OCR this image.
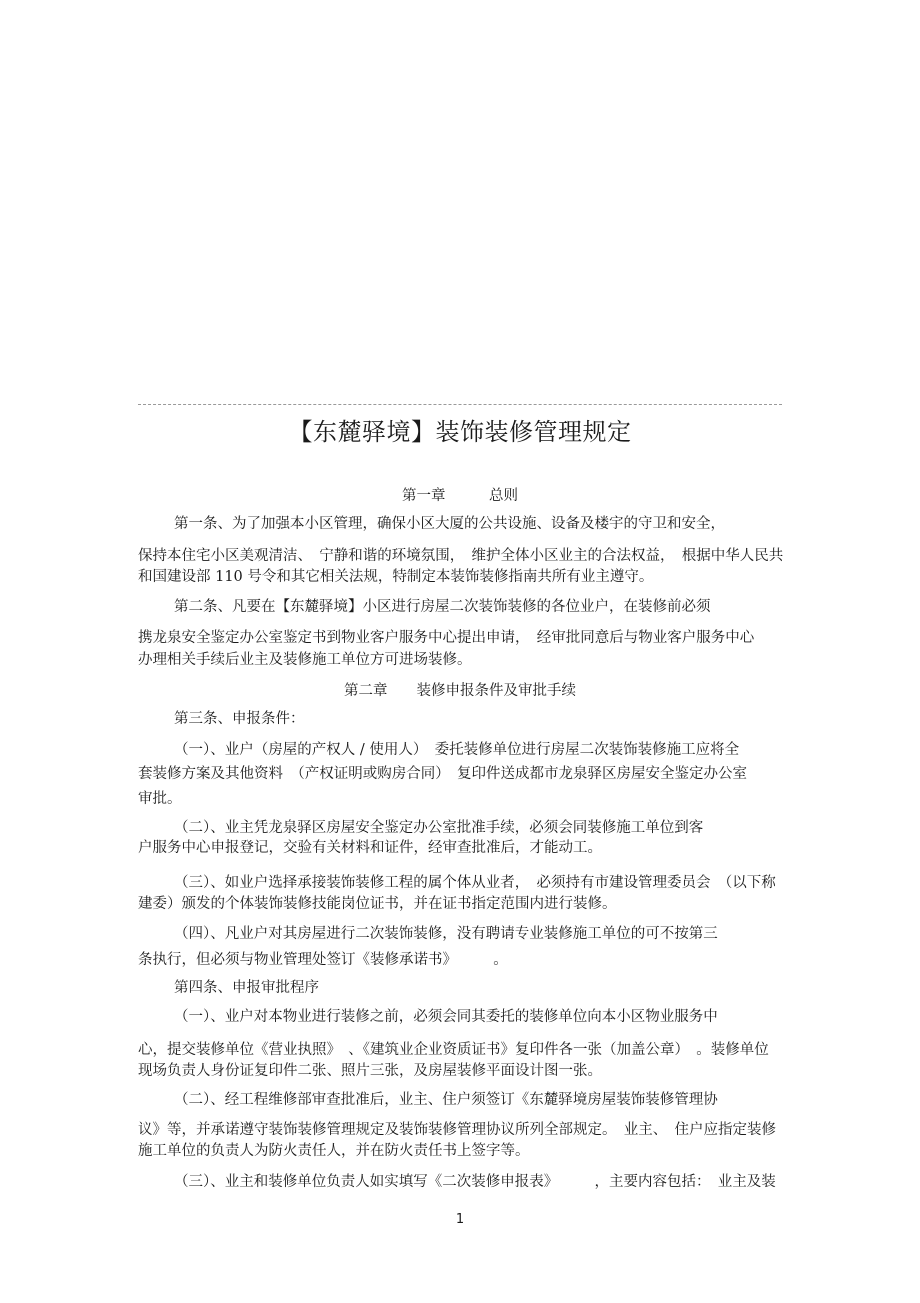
【东麓驿境】装饰装修管理规定
第一章　　　总则
第一条、为了加强本小区管理，确保小区大厦的公共设施、设备及楼宇的守卫和安全，
保持本住宅小区美观清洁、　宁静和谐的环境氛围，　维护全体小区业主的合法权益，　根据中华人民共
和国建设部 110 号令和其它相关法规，特制定本装饰装修指南共所有业主遵守。
第二条、凡要在【东麓驿境】小区进行房屋二次装饰装修的各位业户，在装修前必须
携龙泉安全鉴定办公室鉴定书到物业客户服务中心提出申请，　经审批同意后与物业客户服务中心
办理相关手续后业主及装修施工单位方可进场装修。
第二章　　装修申报条件及审批手续
第三条、申报条件：
（一）、业户（房屋的产权人 / 使用人）　委托装修单位进行房屋二次装饰装修施工应将全
套装修方案及其他资料　（产权证明或购房合同）　复印件送成都市龙泉驿区房屋安全鉴定办公室
审批。
（二）、业主凭龙泉驿区房屋安全鉴定办公室批准手续，必须会同装修施工单位到客
户服务中心申报登记，交验有关材料和证件，经审查批准后，才能动工。
（三）、如业户选择承接装饰装修工程的属个体从业者，　必须持有市建设管理委员会　（以下称
建委）颁发的个体装饰装修技能岗位证书，并在证书指定范围内进行装修。
（四）、凡业户对其房屋进行二次装饰装修，没有聘请专业装修施工单位的可不按第三
条执行，但必须与物业管理处签订《装修承诺书》　　　。
第四条、申报审批程序
（一）、业户对本物业进行装修之前，必须会同其委托的装修单位向本小区物业服务中
心，提交装修单位《营业执照》　、《建筑业企业资质证书》复印件各一张（加盖公章）　。装修单位
现场负责人身份证复印件二张、照片三张，及房屋装修平面设计图一张。
（二）、经工程维修部审查批准后，业主、住户须签订《东麓驿境房屋装饰装修管理协
议》等，并承诺遵守装饰装修管理规定及装饰装修管理协议所列全部规定。　业主、　住户应指定装修
施工单位的负责人为防火责任人，并在防火责任书上签字等。
（三）、业主和装修单位负责人如实填写《二次装修申报表》　　　，主要内容包括：　业主及装
1
